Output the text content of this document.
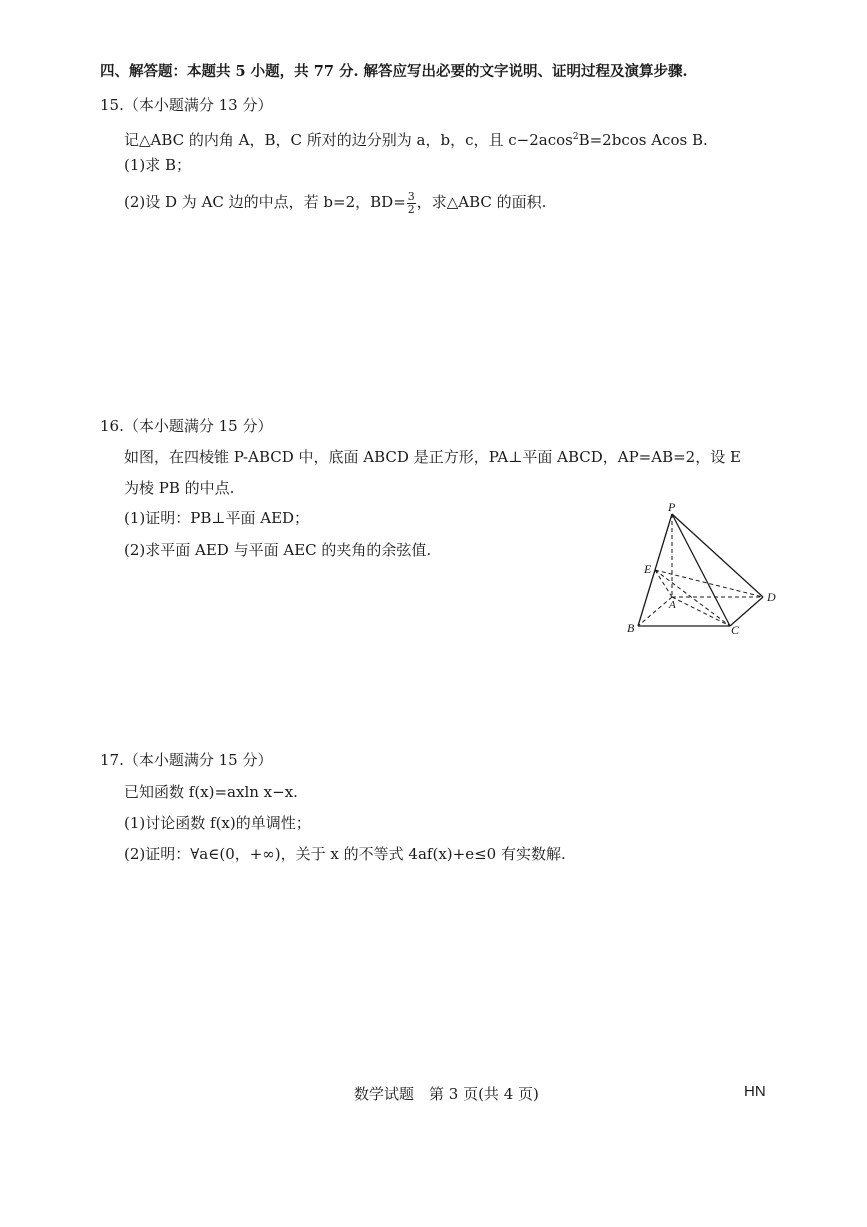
四、解答题：本题共 5 小题，共 77 分. 解答应写出必要的文字说明、证明过程及演算步骤.
15.（本小题满分 13 分）
记△ABC 的内角 A，B，C 所对的边分别为 a，b，c，且 c−2acos$^2$B=2bcos Acos B.
(1)求 B；
(2)设 D 为 AC 边的中点，若 b=2，$BD= \frac{3}{2}$ ，求△ABC 的面积.
16.（本小题满分 15 分）
如图，在四棱锥 P-ABCD 中，底面 ABCD 是正方形，PA⊥平面 ABCD，AP=AB=2，设 E
为棱 PB 的中点.
(1)证明：PB⊥平面 AED；
(2)求平面 AED 与平面 AEC 的夹角的余弦值.
P
E
A
D
B	C
17.（本小题满分 15 分）
已知函数 f(x)=axln x−x.
(1)讨论函数 f(x)的单调性；
(2)证明：∀a∈(0，+∞)，关于 x 的不等式 4af(x)+e≤0 有实数解.
数学试题　第 3 页(共 4 页)	HN
